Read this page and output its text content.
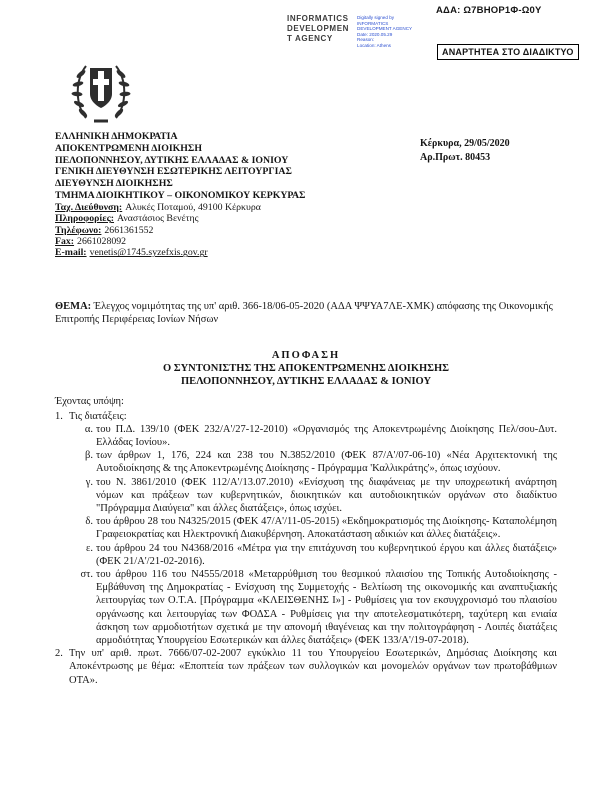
ΑΔΑ: Ω7ΒΗΟΡ1Φ-Ω0Υ
INFORMATICS
DEVELOPMEN
T AGENCY
Digitally signed by
INFORMATICS
DEVELOPMENT AGENCY
Date: 2020.05.29
Reason:
Location: Athens
ΑΝΑΡΤΗΤΕΑ ΣΤΟ ΔΙΑΔΙΚΤΥΟ
ΕΛΛΗΝΙΚΗ ΔΗΜΟΚΡΑΤΙΑ
ΑΠΟΚΕΝΤΡΩΜΕΝΗ ΔΙΟΙΚΗΣΗ
ΠΕΛΟΠΟΝΝΗΣΟΥ, ΔΥΤΙΚΗΣ ΕΛΛΑΔΑΣ & ΙΟΝΙΟΥ
ΓΕΝΙΚΗ ΔΙΕΥΘΥΝΣΗ ΕΣΩΤΕΡΙΚΗΣ ΛΕΙΤΟΥΡΓΙΑΣ
ΔΙΕΥΘΥΝΣΗ ΔΙΟΙΚΗΣΗΣ
ΤΜΗΜΑ ΔΙΟΙΚΗΤΙΚΟΥ – ΟΙΚΟΝΟΜΙΚΟΥ ΚΕΡΚΥΡΑΣ
Ταχ. Διεύθυνση: Αλυκές Ποταμού, 49100 Κέρκυρα
Πληροφορίες: Αναστάσιος Βενέτης
Τηλέφωνο: 2661361552
Fax: 2661028092
E-mail: venetis@1745.syzefxis.gov.gr
Κέρκυρα, 29/05/2020
Αρ.Πρωτ. 80453

ΘΕΜΑ: Έλεγχος νομιμότητας της υπ' αριθ. 366-18/06-05-2020 (ΑΔΑ ΨΨΥΑ7ΛΕ-ΧΜΚ) απόφασης της Οικονομικής Επιτροπής Περιφέρειας Ιονίων Νήσων

ΑΠΟΦΑΣΗ
Ο ΣΥΝΤΟΝΙΣΤΗΣ ΤΗΣ ΑΠΟΚΕΝΤΡΩΜΕΝΗΣ ΔΙΟΙΚΗΣΗΣ
ΠΕΛΟΠΟΝΝΗΣΟΥ, ΔΥΤΙΚΗΣ ΕΛΛΑΔΑΣ & ΙΟΝΙΟΥ
Έχοντας υπόψη:
1. Τις διατάξεις:
α. του Π.Δ. 139/10 (ΦΕΚ 232/Α'/27-12-2010) «Οργανισμός της Αποκεντρωμένης Διοίκησης Πελ/σου-Δυτ. Ελλάδας Ιονίου».
β. των άρθρων 1, 176, 224 και 238 του Ν.3852/2010 (ΦΕΚ 87/Α'/07-06-10) «Νέα Αρχιτεκτονική της Αυτοδιοίκησης & της Αποκεντρωμένης Διοίκησης - Πρόγραμμα 'Καλλικράτης'», όπως ισχύουν.
γ. του Ν. 3861/2010 (ΦΕΚ 112/Α'/13.07.2010) «Ενίσχυση της διαφάνειας με την υποχρεωτική ανάρτηση νόμων και πράξεων των κυβερνητικών, διοικητικών και αυτοδιοικητικών οργάνων στο διαδίκτυο "Πρόγραμμα Διαύγεια" και άλλες διατάξεις», όπως ισχύει.
δ. του άρθρου 28 του Ν4325/2015 (ΦΕΚ 47/Α'/11-05-2015) «Εκδημοκρατισμός της Διοίκησης- Καταπολέμηση Γραφειοκρατίας και Ηλεκτρονική Διακυβέρνηση. Αποκατάσταση αδικιών και άλλες διατάξεις».
ε. του άρθρου 24 του Ν4368/2016 «Μέτρα για την επιτάχυνση του κυβερνητικού έργου και άλλες διατάξεις» (ΦΕΚ 21/Α'/21-02-2016).
στ. του άρθρου 116 του Ν4555/2018 «Μεταρρύθμιση του θεσμικού πλαισίου της Τοπικής Αυτοδιοίκησης - Εμβάθυνση της Δημοκρατίας - Ενίσχυση της Συμμετοχής - Βελτίωση της οικονομικής και αναπτυξιακής λειτουργίας των Ο.Τ.Α. [Πρόγραμμα «ΚΛΕΙΣΘΕΝΗΣ Ι»] - Ρυθμίσεις για τον εκσυγχρονισμό του πλαισίου οργάνωσης και λειτουργίας των ΦΟΔΣΑ - Ρυθμίσεις για την αποτελεσματικότερη, ταχύτερη και ενιαία άσκηση των αρμοδιοτήτων σχετικά με την απονομή ιθαγένειας και την πολιτογράφηση - Λοιπές διατάξεις αρμοδιότητας Υπουργείου Εσωτερικών και άλλες διατάξεις» (ΦΕΚ 133/Α'/19-07-2018).
2. Την υπ' αριθ. πρωτ. 7666/07-02-2007 εγκύκλιο 11 του Υπουργείου Εσωτερικών, Δημόσιας Διοίκησης και Αποκέντρωσης με θέμα: «Εποπτεία των πράξεων των συλλογικών και μονομελών οργάνων των πρωτοβάθμιων ΟΤΑ».
